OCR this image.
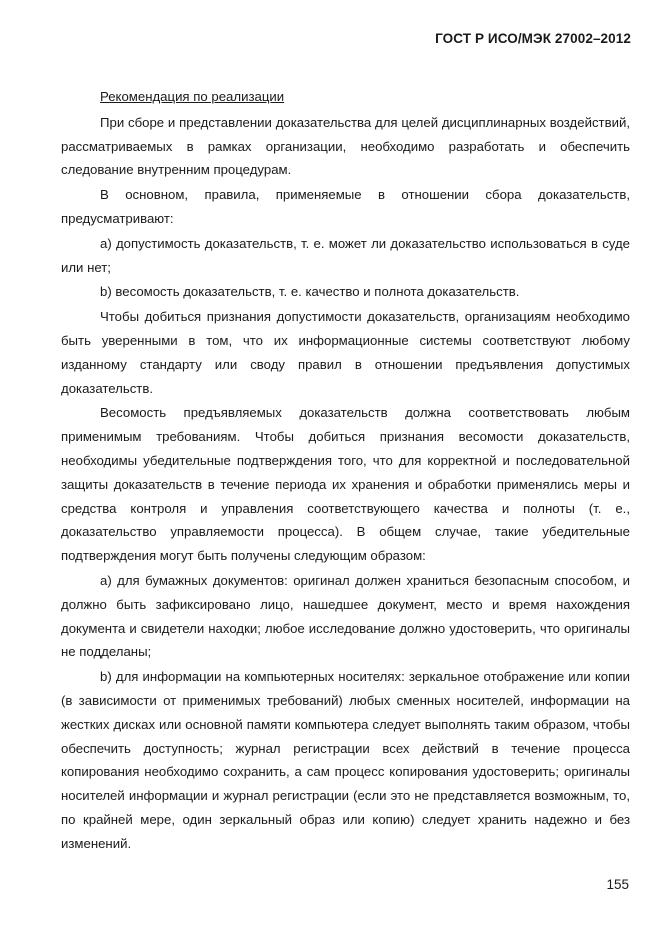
ГОСТ Р ИСО/МЭК 27002–2012

Рекомендация по реализации

При сборе и представлении доказательства для целей дисциплинарных воздействий, рассматриваемых в рамках организации, необходимо разработать и обеспечить следование внутренним процедурам.

В основном, правила, применяемые в отношении сбора доказательств, предусматривают:

a) допустимость доказательств, т. е. может ли доказательство использоваться в суде или нет;

b) весомость доказательств, т. е. качество и полнота доказательств.

Чтобы добиться признания допустимости доказательств, организациям необходимо быть уверенными в том, что их информационные системы соответствуют любому изданному стандарту или своду правил в отношении предъявления допустимых доказательств.

Весомость предъявляемых доказательств должна соответствовать любым применимым требованиям. Чтобы добиться признания весомости доказательств, необходимы убедительные подтверждения того, что для корректной и последовательной защиты доказательств в течение периода их хранения и обработки применялись меры и средства контроля и управления соответствующего качества и полноты (т. е., доказательство управляемости процесса). В общем случае, такие убедительные подтверждения могут быть получены следующим образом:

a) для бумажных документов: оригинал должен храниться безопасным способом, и должно быть зафиксировано лицо, нашедшее документ, место и время нахождения документа и свидетели находки; любое исследование должно удостоверить, что оригиналы не подделаны;

b) для информации на компьютерных носителях: зеркальное отображение или копии (в зависимости от применимых требований) любых сменных носителей, информации на жестких дисках или основной памяти компьютера следует выполнять таким образом, чтобы обеспечить доступность; журнал регистрации всех действий в течение процесса копирования необходимо сохранить, а сам процесс копирования удостоверить; оригиналы носителей информации и журнал регистрации (если это не представляется возможным, то, по крайней мере, один зеркальный образ или копию) следует хранить надежно и без изменений.

155
